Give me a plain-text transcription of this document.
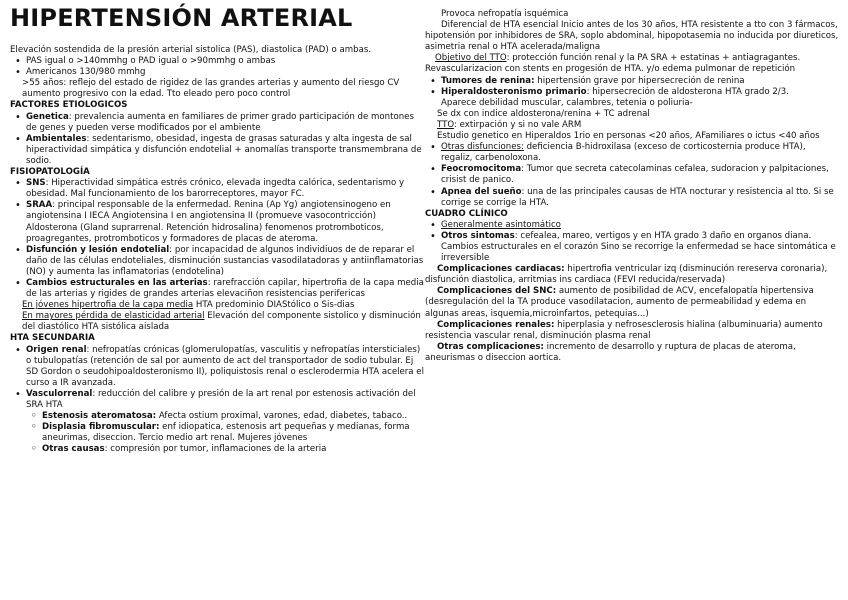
HIPERTENSIÓN ARTERIAL

Elevación sostendida de la presión arterial sistolica (PAS), diastolica (PAD) o ambas.

• PAS igual o >140mmhg o PAD igual o >90mmhg o ambas
• Americanos 130/980 mmhg

>55 años: reflejo del estado de rigidez de las grandes arterias y aumento del riesgo CV

aumento progresivo con la edad. Tto eleado pero poco control

FACTORES ETIOLOGICOS

• Genetica: prevalencia aumenta en familiares de primer grado participación de montones de genes y pueden verse modificados por el ambiente
• Ambientales: sedentarismo, obesidad, ingesta de grasas saturadas y alta ingesta de sal hiperactividad simpática y disfunción endotelial + anomalías transporte transmembrana de sodio.

FISIOPATOLOGÍA

• SNS: Hiperactividad simpática estrés crónico, elevada ingedta calórica, sedentarismo y obesidad. Mal funcionamiento de los barorreceptores, mayor FC.
• SRAA: principal responsable de la enfermedad. Renina (Ap Yg) angiotensinogeno en angiotensina I IECA Angiotensina I en angiotensina II (promueve vasocontricción) Aldosterona (Gland suprarrenal. Retención hidrosalina) fenomenos protromboticos, proagregantes, protromboticos y formadores de placas de ateroma.
• Disfunción y lesión endotelial: por incapacidad de algunos individiuos de de reparar el daño de las células endoteliales, disminución sustancias vasodilatadoras y antiinflamatorias (NO) y aumenta las inflamatorias (endotelina)
• Cambios estructurales en las arterias: rarefracción capilar, hipertrofia de la capa media de las arterias y rigides de grandes arterias elevaciñon resistencias perifericas

En jóvenes hipertrofia de la capa media HTA predominio DIAStólico o Sis-dias

En mayores pérdida de elasticidad arterial Elevación del componente sistolico y disminución del diastólico HTA sistólica aislada

HTA SECUNDARIA

• Origen renal: nefropatías crónicas (glomerulopatías, vasculitis y nefropatías intersticiales) o tubulopatías (retención de sal por aumento de act del transportador de sodio tubular. Ej SD Gordon o seudohipoaldosteronismo II), poliquistosis renal o esclerodermia HTA acelera el curso a IR avanzada.
• Vasculorrenal: reducción del calibre y presión de la art renal por estenosis activación del SRA HTA
◦ Estenosis ateromatosa: Afecta ostium proximal, varones, edad, diabetes, tabaco..
◦ Displasia fibromuscular: enf idiopatica, estenosis art pequeñas y medianas, forma aneurimas, diseccion. Tercio medio art renal. Mujeres jóvenes
◦ Otras causas: compresión por tumor, inflamaciones de la arteria

Provoca nefropatía isquémica

Diferencial de HTA esencial Inicio antes de los 30 años, HTA resistente a tto con 3 fármacos, hipotensión por inhibidores de SRA, soplo abdominal, hipopotasemia no inducida por diureticos, asimetria renal o HTA acelerada/maligna

Objetivo del TTO: protección función renal y la PA SRA + estatinas + antiagragantes. Revascularizacion con stents en progesión de HTA. y/o edema pulmonar de repetición

• Tumores de renina: hipertensión grave por hipersecreción de renina
• Hiperaldosteronismo primario: hipersecreción de aldosterona HTA grado 2/3.

Aparece debilidad muscular, calambres, tetenia o poliuria-

Se dx con indice aldosterona/renina + TC adrenal

TTO: extirpación y si no vale ARM

Estudio genetico en Hiperaldos 1rio en personas <20 años, AFamiliares o ictus <40 años

• Otras disfunciones: deficiencia B-hidroxilasa (exceso de corticosternia produce HTA), regaliz, carbenoloxona.
• Feocromocitoma: Tumor que secreta catecolaminas cefalea, sudoracion y palpitaciones, crisist de panico.
• Apnea del sueño: una de las principales causas de HTA nocturar y resistencia al tto. Si se corrige se corrige la HTA.

CUADRO CLÍNICO

• Generalmente asintomático
• Otros sintomas: cefealea, mareo, vertigos y en HTA grado 3 daño en organos diana. Cambios estructurales en el corazón Sino se recorrige la enfermedad se hace sintomática e irreversible

Complicaciones cardiacas: hipertrofia ventricular izq (disminución rereserva coronaria), disfunción diastolica, arritmias ins cardiaca (FEVI reducida/reservada)

Complicaciones del SNC: aumento de posibilidad de ACV, encefalopatía hipertensiva (desregulación del la TA produce vasodilatacion, aumento de permeabilidad y edema en algunas areas, isquemia,microinfartos, petequias...)

Complicaciones renales: hiperplasia y nefrosesclerosis hialina (albuminuaria) aumento resistencia vascular renal, disminución plasma renal

Otras complicaciones: incremento de desarrollo y ruptura de placas de ateroma, aneurismas o diseccion aortica.
